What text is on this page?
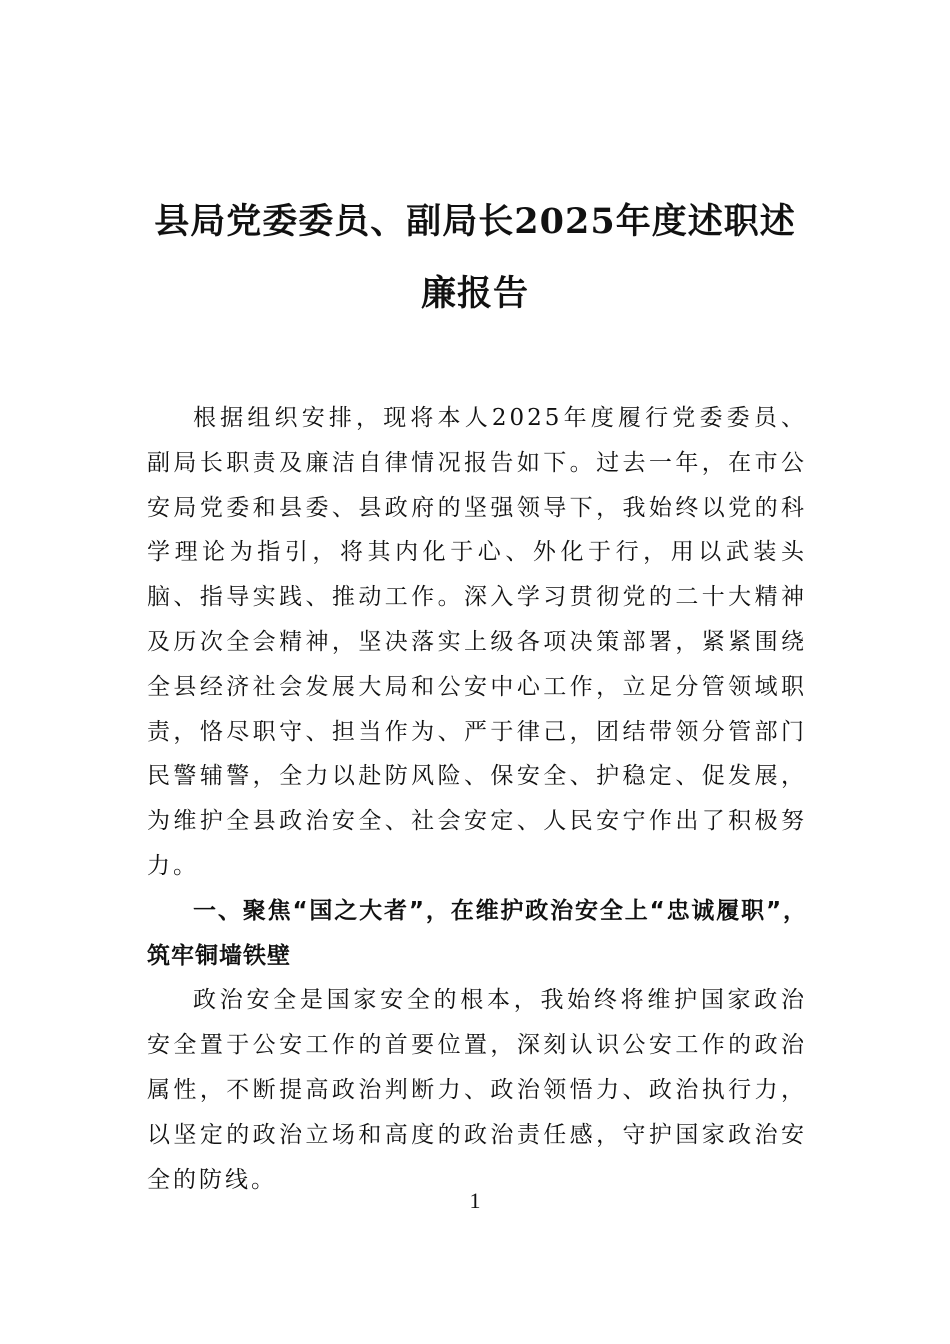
县局党委委员、副局长2025年度述职述廉报告

根据组织安排，现将本人2025年度履行党委委员、副局长职责及廉洁自律情况报告如下。过去一年，在市公安局党委和县委、县政府的坚强领导下，我始终以党的科学理论为指引，将其内化于心、外化于行，用以武装头脑、指导实践、推动工作。深入学习贯彻党的二十大精神及历次全会精神，坚决落实上级各项决策部署，紧紧围绕全县经济社会发展大局和公安中心工作，立足分管领域职责，恪尽职守、担当作为、严于律己，团结带领分管部门民警辅警，全力以赴防风险、保安全、护稳定、促发展，为维护全县政治安全、社会安定、人民安宁作出了积极努力。

一、聚焦“国之大者”，在维护政治安全上“忠诚履职”，筑牢铜墙铁壁

政治安全是国家安全的根本，我始终将维护国家政治安全置于公安工作的首要位置，深刻认识公安工作的政治属性，不断提高政治判断力、政治领悟力、政治执行力，以坚定的政治立场和高度的政治责任感，守护国家政治安全的防线。

1
